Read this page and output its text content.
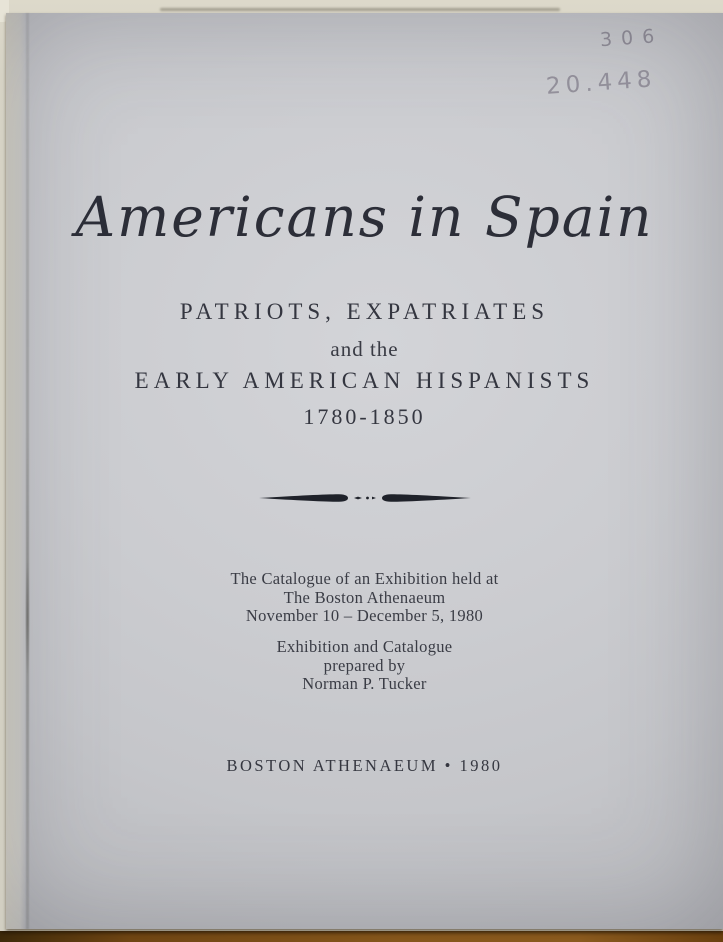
306
20.448
Americans in Spain
PATRIOTS, EXPATRIATES
and the
EARLY AMERICAN HISPANISTS
1780-1850
The Catalogue of an Exhibition held at
The Boston Athenaeum
November 10 – December 5, 1980
Exhibition and Catalogue
prepared by
Norman P. Tucker
BOSTON ATHENAEUM • 1980
